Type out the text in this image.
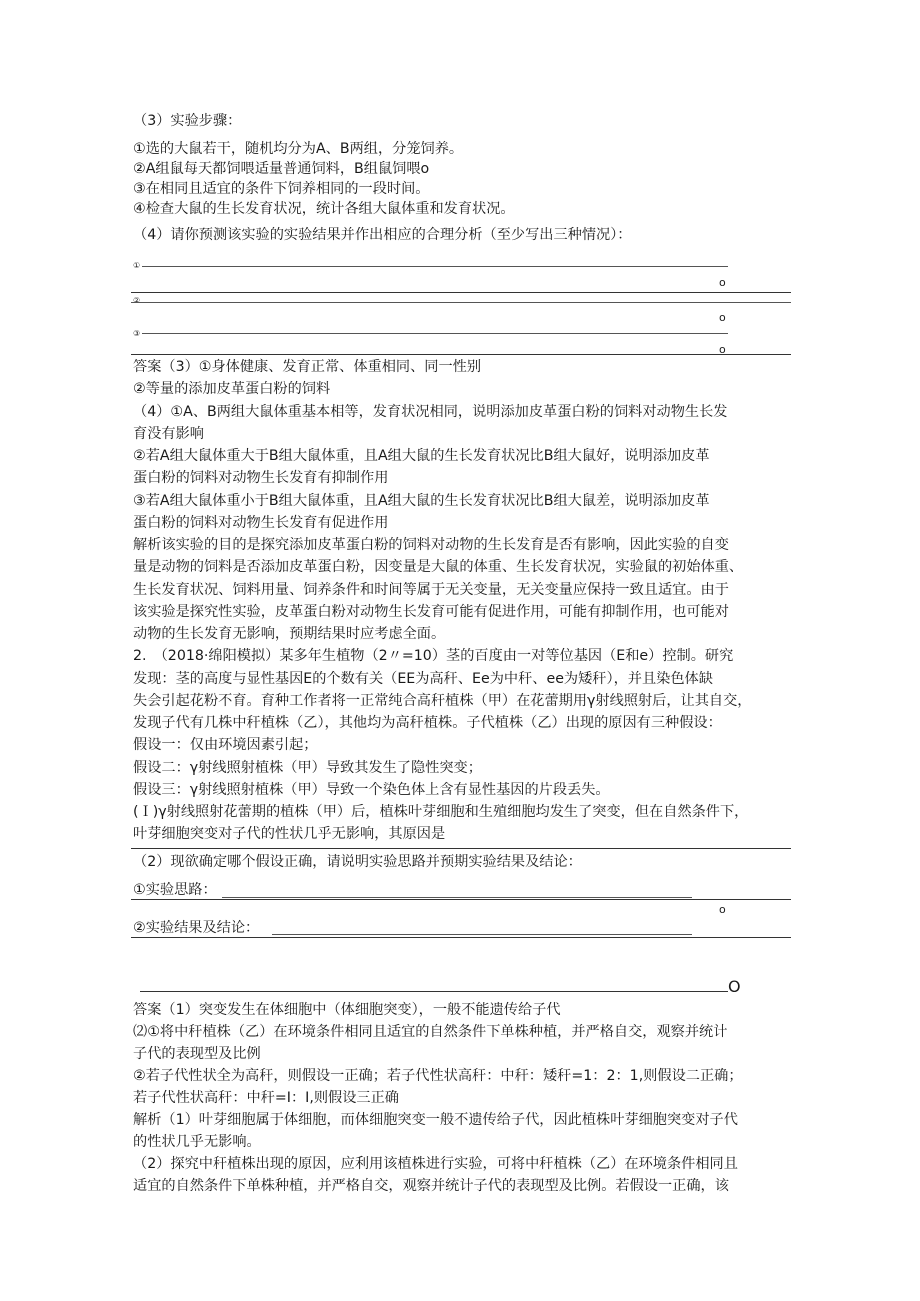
（3）实验步骤：
①选的大鼠若干，随机均分为A、B两组，分笼饲养。
②A组鼠每天都饲喂适量普通饲料，B组鼠饲喂o
③在相同且适宜的条件下饲养相同的一段时间。
④检查大鼠的生长发育状况，统计各组大鼠体重和发育状况。
（4）请你预测该实验的实验结果并作出相应的合理分析（至少写出三种情况）：
①
o
②
o
③
o
答案（3）①身体健康、发育正常、体重相同、同一性别
②等量的添加皮革蛋白粉的饲料
（4）①A、B两组大鼠体重基本相等，发育状况相同，说明添加皮革蛋白粉的饲料对动物生长发
育没有影响
②若A组大鼠体重大于B组大鼠体重，且A组大鼠的生长发育状况比B组大鼠好，说明添加皮革
蛋白粉的饲料对动物生长发育有抑制作用
③若A组大鼠体重小于B组大鼠体重，且A组大鼠的生长发育状况比B组大鼠差，说明添加皮革
蛋白粉的饲料对动物生长发育有促进作用
解析该实验的目的是探究添加皮革蛋白粉的饲料对动物的生长发育是否有影响，因此实验的自变
量是动物的饲料是否添加皮革蛋白粉，因变量是大鼠的体重、生长发育状况，实验鼠的初始体重、
生长发育状况、饲料用量、饲养条件和时间等属于无关变量，无关变量应保持一致且适宜。由于
该实验是探究性实验，皮革蛋白粉对动物生长发育可能有促进作用，可能有抑制作用，也可能对
动物的生长发育无影响，预期结果时应考虑全面。
2.　（2018·绵阳模拟）某多年生植物（2〃=10）茎的百度由一对等位基因（E和e）控制。研究
发现：茎的高度与显性基因E的个数有关（EE为高秆、Ee为中秆、ee为矮秆），并且染色体缺
失会引起花粉不育。育种工作者将一正常纯合高秆植株（甲）在花蕾期用γ射线照射后，让其自交，
发现子代有几株中秆植株（乙），其他均为高秆植株。子代植株（乙）出现的原因有三种假设：
假设一：仅由环境因素引起；
假设二：γ射线照射植株（甲）导致其发生了隐性突变；
假设三：γ射线照射植株（甲）导致一个染色体上含有显性基因的片段丢失。
(Ｉ)γ射线照射花蕾期的植株（甲）后，植株叶芽细胞和生殖细胞均发生了突变，但在自然条件下，
叶芽细胞突变对子代的性状几乎无影响，其原因是
（2）现欲确定哪个假设正确，请说明实验思路并预期实验结果及结论：
①实验思路：
o
②实验结果及结论：
O
答案（1）突变发生在体细胞中（体细胞突变），一般不能遗传给子代
⑵①将中秆植株（乙）在环境条件相同且适宜的自然条件下单株种植，并严格自交，观察并统计
子代的表现型及比例
②若子代性状全为高秆，则假设一正确；若子代性状高秆：中秆：矮秆=1：2：1,则假设二正确；
若子代性状高秆：中秆=I：I,则假设三正确
解析（1）叶芽细胞属于体细胞，而体细胞突变一般不遗传给子代，因此植株叶芽细胞突变对子代
的性状几乎无影响。
（2）探究中秆植株出现的原因，应利用该植株进行实验，可将中秆植株（乙）在环境条件相同且
适宜的自然条件下单株种植，并严格自交，观察并统计子代的表现型及比例。若假设一正确，该
